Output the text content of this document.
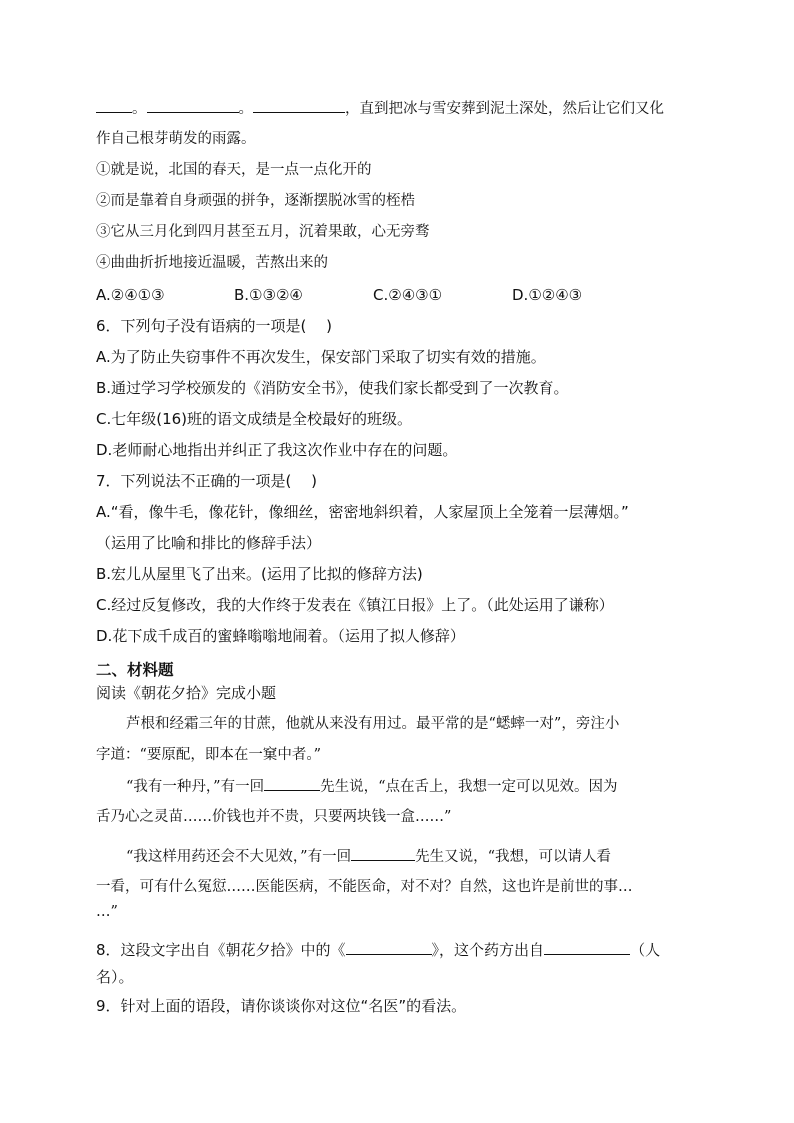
。	。	，直到把冰与雪安葬到泥土深处，然后让它们又化
作自己根芽萌发的雨露。
①就是说，北国的春天，是一点一点化开的
②而是靠着自身顽强的拼争，逐渐摆脱冰雪的桎梏
③它从三月化到四月甚至五月，沉着果敢，心无旁骛
④曲曲折折地接近温暖，苦熬出来的
A.②④①③	B.①③②④	C.②④③①	D.①②④③
6．下列句子没有语病的一项是(　 )
A.为了防止失窃事件不再次发生，保安部门采取了切实有效的措施。
B.通过学习学校颁发的《消防安全书》，使我们家长都受到了一次教育。
C.七年级(16)班的语文成绩是全校最好的班级。
D.老师耐心地指出并纠正了我这次作业中存在的问题。
7．下列说法不正确的一项是(　 )
A.“看，像牛毛，像花针，像细丝，密密地斜织着，人家屋顶上全笼着一层薄烟。”
（运用了比喻和排比的修辞手法）
B.宏儿从屋里飞了出来。(运用了比拟的修辞方法)
C.经过反复修改，我的大作终于发表在《镇江日报》上了。（此处运用了谦称）
D.花下成千成百的蜜蜂嗡嗡地闹着。（运用了拟人修辞）
二、材料题
阅读《朝花夕拾》完成小题
芦根和经霜三年的甘蔗，他就从来没有用过。最平常的是“蟋蟀一对”，旁注小
字道：“要原配，即本在一窠中者。”
“我有一种丹，”有一回	先生说，“点在舌上，我想一定可以见效。因为
舌乃心之灵苗……价钱也并不贵，只要两块钱一盒……”
“我这样用药还会不大见效，”有一回	先生又说，“我想，可以请人看
一看，可有什么冤愆……医能医病，不能医命，对不对？自然，这也许是前世的事…
…”
8．这段文字出自《朝花夕拾》中的《	》，这个药方出自	（人
名）。
9．针对上面的语段，请你谈谈你对这位“名医”的看法。
